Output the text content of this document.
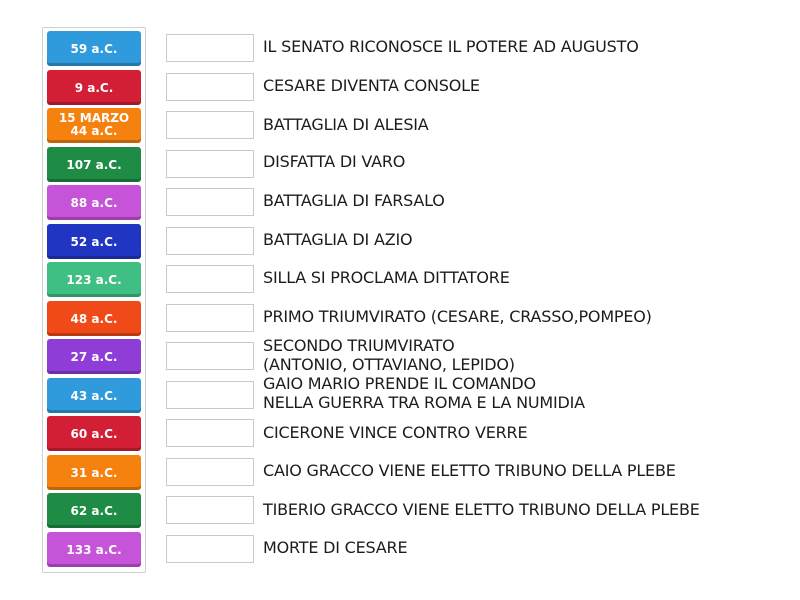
59 a.C.
9 a.C.
15 MARZO
44 a.C.
107 a.C.
88 a.C.
52 a.C.
123 a.C.
48 a.C.
27 a.C.
43 a.C.
60 a.C.
31 a.C.
62 a.C.
133 a.C.
IL SENATO RICONOSCE IL POTERE AD AUGUSTO
CESARE DIVENTA CONSOLE
BATTAGLIA DI ALESIA
DISFATTA DI VARO
BATTAGLIA DI FARSALO
BATTAGLIA DI AZIO
SILLA SI PROCLAMA DITTATORE
PRIMO TRIUMVIRATO (CESARE, CRASSO,POMPEO)
SECONDO TRIUMVIRATO
(ANTONIO, OTTAVIANO, LEPIDO)
GAIO MARIO PRENDE IL COMANDO
NELLA GUERRA TRA ROMA E LA NUMIDIA
CICERONE VINCE CONTRO VERRE
CAIO GRACCO VIENE ELETTO TRIBUNO DELLA PLEBE
TIBERIO GRACCO VIENE ELETTO TRIBUNO DELLA PLEBE
MORTE DI CESARE
